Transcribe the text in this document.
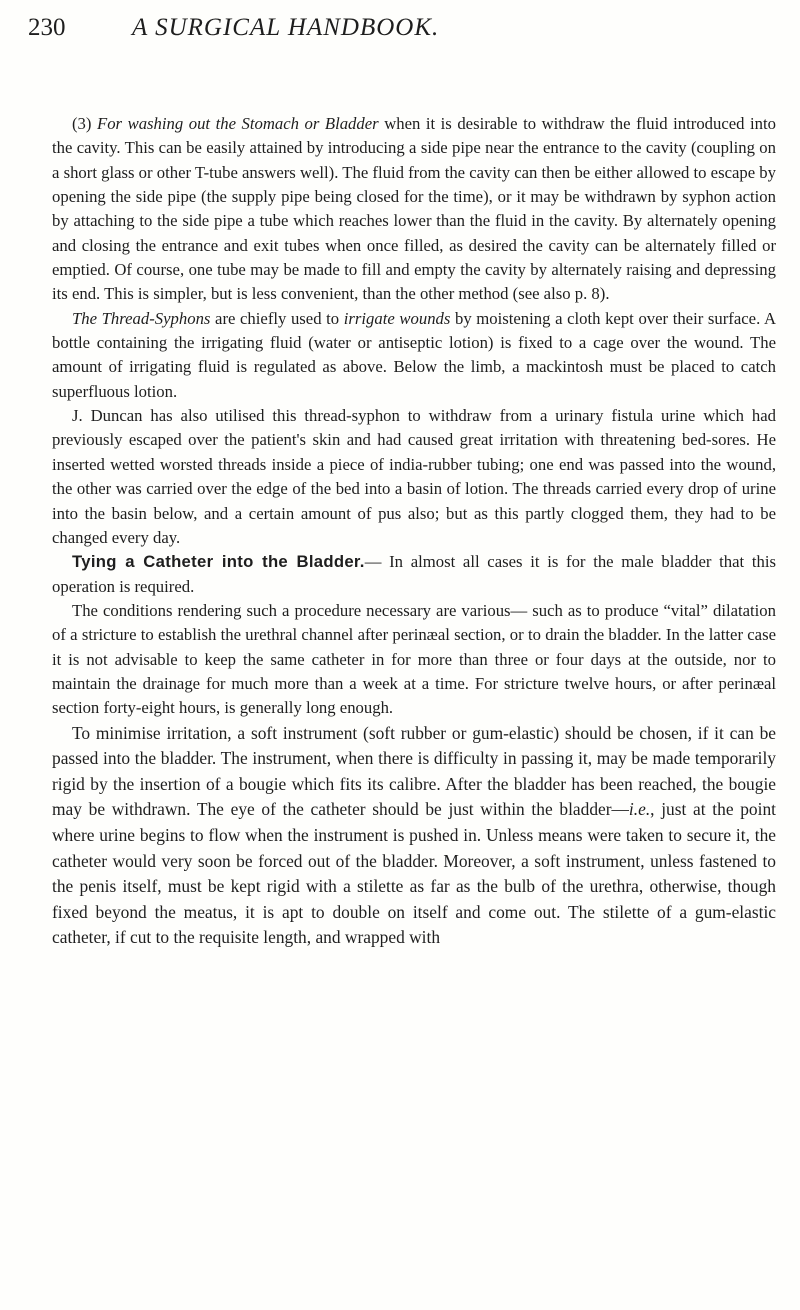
230	A SURGICAL HANDBOOK.

(3) For washing out the Stomach or Bladder when it is desirable to withdraw the fluid introduced into the cavity. This can be easily attained by introducing a side pipe near the entrance to the cavity (coupling on a short glass or other T-tube answers well). The fluid from the cavity can then be either allowed to escape by opening the side pipe (the supply pipe being closed for the time), or it may be withdrawn by syphon action by attaching to the side pipe a tube which reaches lower than the fluid in the cavity. By alternately opening and closing the entrance and exit tubes when once filled, as desired the cavity can be alternately filled or emptied. Of course, one tube may be made to fill and empty the cavity by alternately raising and depressing its end. This is simpler, but is less convenient, than the other method (see also p. 8).

The Thread-Syphons are chiefly used to irrigate wounds by moistening a cloth kept over their surface. A bottle containing the irrigating fluid (water or antiseptic lotion) is fixed to a cage over the wound. The amount of irrigating fluid is regulated as above. Below the limb, a mackintosh must be placed to catch superfluous lotion.

J. Duncan has also utilised this thread-syphon to withdraw from a urinary fistula urine which had previously escaped over the patient's skin and had caused great irritation with threatening bed-sores. He inserted wetted worsted threads inside a piece of india-rubber tubing; one end was passed into the wound, the other was carried over the edge of the bed into a basin of lotion. The threads carried every drop of urine into the basin below, and a certain amount of pus also; but as this partly clogged them, they had to be changed every day.

Tying a Catheter into the Bladder.— In almost all cases it is for the male bladder that this operation is required.

The conditions rendering such a procedure necessary are various— such as to produce “vital” dilatation of a stricture to establish the urethral channel after perinæal section, or to drain the bladder. In the latter case it is not advisable to keep the same catheter in for more than three or four days at the outside, nor to maintain the drainage for much more than a week at a time. For stricture twelve hours, or after perinæal section forty-eight hours, is generally long enough.

To minimise irritation, a soft instrument (soft rubber or gum-elastic) should be chosen, if it can be passed into the bladder. The instrument, when there is difficulty in passing it, may be made temporarily rigid by the insertion of a bougie which fits its calibre. After the bladder has been reached, the bougie may be withdrawn. The eye of the catheter should be just within the bladder—i.e., just at the point where urine begins to flow when the instrument is pushed in. Unless means were taken to secure it, the catheter would very soon be forced out of the bladder. Moreover, a soft instrument, unless fastened to the penis itself, must be kept rigid with a stilette as far as the bulb of the urethra, otherwise, though fixed beyond the meatus, it is apt to double on itself and come out. The stilette of a gum-elastic catheter, if cut to the requisite length, and wrapped with
